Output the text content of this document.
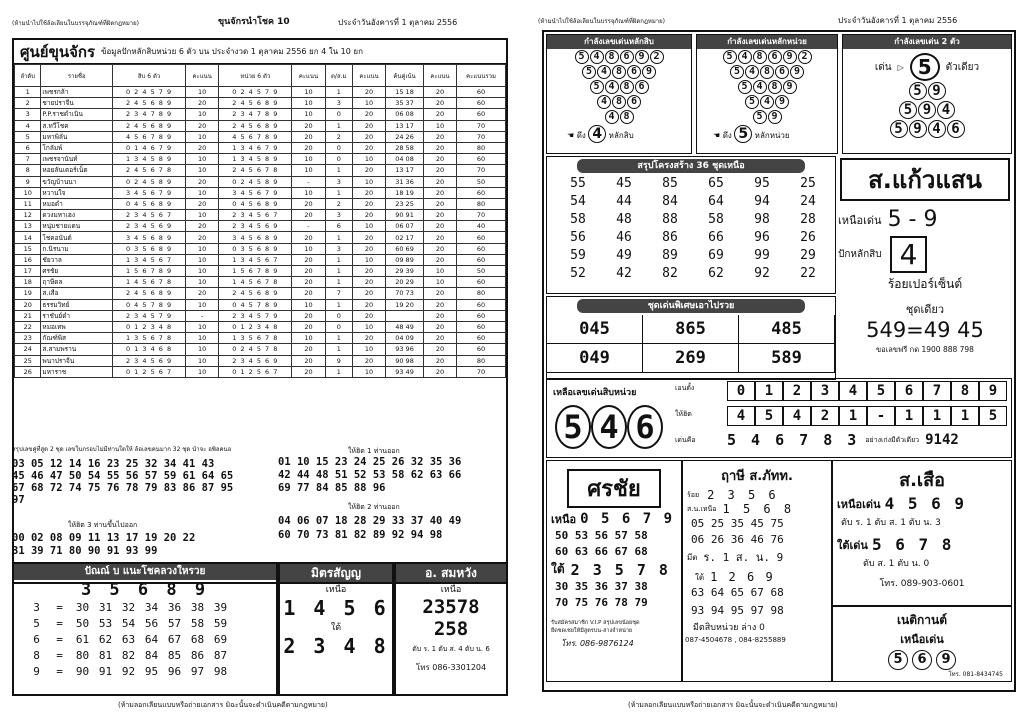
(ห้ามนำไปใช้ล้อเลียนในบรรจุภัณฑ์ที่ผิดกฎหมาย)	ขุนจักรนำโชค 10	ประจำวันอังคารที่ 1 ตุลาคม 2556
ศูนย์ขุนจักร ข้อมูลปักหลักสิบหน่วย 6 ตัว บน ประจำงวด 1 ตุลาคม 2556 ยก 4 ใน 10 ยก
ลำดับ	รายชื่อ	สิบ 6 ตัว	คะแนน	หน่วย 6 ตัว	คะแนน	ต/ส.ม	คะแนน	ค้นคู่เน้น	คะแนน	คะแนนรวม
1	เพชรกล้า	0 2 4 5 7 9	10	0 2 4 5 7 9	10	1	20	15 18	20	60
2	ชายปราจีน	2 4 5 6 8 9	20	2 4 5 6 8 9	10	3	10	35 37	20	60
3	P.P.ราชดำเนิน	2 3 4 7 8 9	10	2 3 4 7 8 9	10	0	20	06 08	20	60
4	ส.ทวีโชค	2 4 5 6 8 9	20	2 4 5 6 8 9	20	1	20	13 17	10	70
5	มหาพิลั่น	4 5 6 7 8 9	10	4 5 6 7 8 9	20	2	20	24 26	20	70
6	โกลัมพ์	0 1 4 6 7 9	20	1 3 4 6 7 9	20	0	20	28 58	20	80
7	เพชรจานันท์	1 3 4 5 8 9	10	1 3 4 5 8 9	10	0	10	04 08	20	60
8	หอยลันเตอร์เน็ต	2 4 5 6 7 8	10	2 4 5 6 7 8	10	1	20	13 17	20	70
9	ขวัญบ้านนา	0 2 4 5 8 9	20	0 2 4 5 8 9	-	3	10	31 36	20	50
10	หวานใจ	3 4 5 6 7 9	10	3 4 5 6 7 9	10	1	20	18 19	20	60
11	หมอดำ	0 4 5 6 8 9	20	0 4 5 6 8 9	20	2	20	23 25	20	80
12	ดวงมหาเฮง	2 3 4 5 6 7	10	2 3 4 5 6 7	20	3	20	90 91	20	70
13	หนุ่มชายแดน	2 3 4 5 6 9	20	2 3 4 5 6 9	-	6	10	06 07	20	40
14	โชคอนันต์	3 4 5 6 8 9	20	3 4 5 6 8 9	20	1	20	02 17	20	60
15	ก.นิรนาม	0 3 5 6 8 9	10	0 3 5 6 8 9	10	3	20	60 69	20	60
16	ชัยวาล	1 3 4 5 6 7	10	1 3 4 5 6 7	20	1	10	09 89	20	60
17	ศรชัย	1 5 6 7 8 9	10	1 5 6 7 8 9	20	1	20	29 39	10	50
18	ฤาษีดล	1 4 5 6 7 8	10	1 4 5 6 7 8	20	1	20	20 29	10	60
19	ส.เสือ	2 4 5 6 8 9	20	2 4 5 6 8 9	20	7	20	70 73	20	80
20	ธรรมวิทย์	0 4 5 7 8 9	10	0 4 5 7 8 9	10	1	20	19 20	20	60
21	ราชันย์ดำ	2 3 4 5 7 9	-	2 3 4 5 7 9	20	0	20		20	60
22	หมอเทพ	0 1 2 3 4 8	10	0 1 2 3 4 8	20	0	10	48 49	20	60
23	กัณฑ์พิส	1 3 5 6 7 8	10	1 3 5 6 7 8	10	1	20	04 09	20	60
24	ส.สามพราน	0 1 3 4 6 8	10	0 2 4 5 7 8	20	1	10	93 96	20	60
25	พนาปราจีน	2 3 4 5 6 9	10	2 3 4 5 6 9	20	9	20	90 98	20	80
26	มหาราช	0 1 2 5 6 7	10	0 1 2 5 6 7	20	1	10	93 49	20	70
สรุปเลขคู่ที่สูด 2 ชุด เลขในกรอบไม่มีท่านใดให้ ล้อเลขคนมาก 32 ชุด นำจะ อพิลคนอ
03 05 12 14 16 23 25 32 34 41 43
45 46 47 50 54 55 56 57 59 61 64 65
67 68 72 74 75 76 78 79 83 86 87 95
97
ให้ฮิต 1 ท่านออก
01 10 15 23 24 25 26 32 35 36
42 44 48 51 52 53 58 62 63 66
69 77 84 85 88 96
ให้ฮิต 2 ท่านออก
04 06 07 18 28 29 33 37 40 49
60 70 73 81 82 89 92 94 98
ให้ฮิต 3 ท่านขึ้นไปออก
00 02 08 09 11 13 17 19 20 22
31 39 71 80 90 91 93 99
ปัณณ์ บ แนะโชคลวงใหรวย
3 5 6 8 9
3	=	30 31 32 34 36 38 39
5	=	50 53 54 56 57 58 59
6	=	61 62 63 64 67 68 69
8	=	80 81 82 84 85 86 87
9	=	90 91 92 95 96 97 98
มิตรสัญญ
เหนือ
1 4 5 6
ใต้
2 3 4 8
อ. สมหวัง
เหนือ
23578
258
ตับ ร. 1 ตับ ส. 4 ตับ น. 6
โทร 086-3301204
(ห้ามลอกเลียนแบบหรือถ่ายเอกสาร มิฉะนั้นจะดำเนินคดีตามกฎหมาย)
(ห้ามนำไปใช้ล้อเลียนในบรรจุภัณฑ์ที่ผิดกฎหมาย)	ประจำวันอังคารที่ 1 ตุลาคม 2556
กำลังเลขเด่นหลักสิบ
5 4 8 6 9 2
5 4 8 6 9
5 4 8 6
4 8 6
4 8
☚ ดึง 4 หลักสิบ
กำลังเลขเด่นหลักหน่วย
5 4 8 6 9 2
5 4 8 6 9
5 4 8 9
5 4 9
5 9
☚ ดึง 5 หลักหน่วย
กำลังเลขเด่น 2 ตัว
เด่น ▷ 5	ตัวเดียว
5 9
5 9 4
5 9 4 6
สรุปโครงสร้าง 36 ชุดเหนือ
55	45	85	65	95	25
54	44	84	64	94	24
58	48	88	58	98	28
56	46	86	66	96	26
59	49	89	69	99	29
52	42	82	62	92	22
ชุดเด่นพิเศษเอาไปรวย
045	865	485
049	269	589
ส.แก้วแสน
เหนือเด่น 5 - 9
ปักหลักสิบ 4
ร้อยเปอร์เซ็นต์
ชุดเดียว
549=49 45
ขอเลขฟรี กด 1900 888 798
เหลือเลขเด่นสิบหน่วย
5 4 6
เอนตั้ง
ให้ฮิต
เด่นคือ
0	1	2	3	4	5	6	7	8	9
4	5	4	2	1	-	1	1	1	5
5 4 6 7 8 3 อย่างเก่งมีตัวเดียว 9142
ศรชัย
เหนือ 0 5 6 7 9
50 53 56 57 58
60 63 66 67 68
ใต้ 2 3 5 7 8
30 35 36 37 38
70 75 76 78 79
รับสมัครสมาชิก V.I.P สรุปเลขน้อยชุด
ยืดชดเชยให้มีสูตรบน-ล่างจำหน่าย
โทร. 086-9876124
ฤาษี ส.ภัทท.
ร้อย 2 3 5 6
ส.น.เหนือ 1 5 6 8
05 25 35 45 75
06 26 36 46 76
มีต ร. 1 ส. น. 9
ใต้ 1 2 6 9
63 64 65 67 68
93 94 95 97 98
มีตสิบหน่วย ล่าง 0
087-4504678 , 084-8255889
ส.เสือ
เหนือเด่น 4 5 6 9
ตับ ร. 1 ตับ ส. 1 ตับ น. 3
ใต้เด่น 5 6 7 8
ตับ ส. 1 ตับ น. 0
โทร. 089-903-0601
เนติกานต์
เหนือเด่น
5	6	9
โทร. 081-8434745
(ห้ามลอกเลียนแบบหรือถ่ายเอกสาร มิฉะนั้นจะดำเนินคดีตามกฎหมาย)
